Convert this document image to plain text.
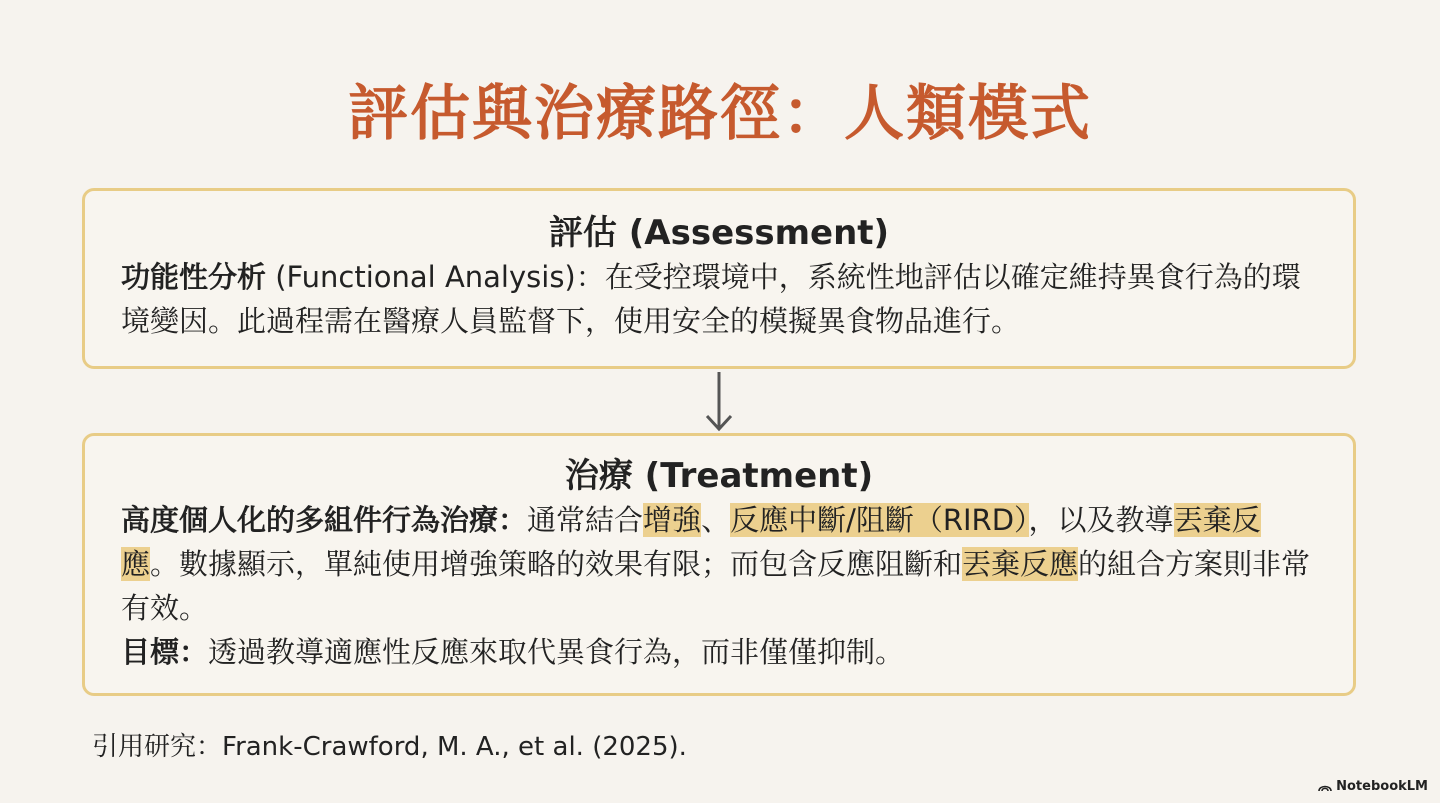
評估與治療路徑：人類模式
評估 (Assessment)
功能性分析 (Functional Analysis)：在受控環境中，系統性地評估以確定維持異食行為的環境變因。此過程需在醫療人員監督下，使用安全的模擬異食物品進行。
治療 (Treatment)
高度個人化的多組件行為治療：通常結合增強、反應中斷/阻斷（RIRD），以及教導丟棄反應。數據顯示，單純使用增強策略的效果有限；而包含反應阻斷和丟棄反應的組合方案則非常有效。
目標：透過教導適應性反應來取代異食行為，而非僅僅抑制。
引用研究：Frank-Crawford, M. A., et al. (2025).
NotebookLM
